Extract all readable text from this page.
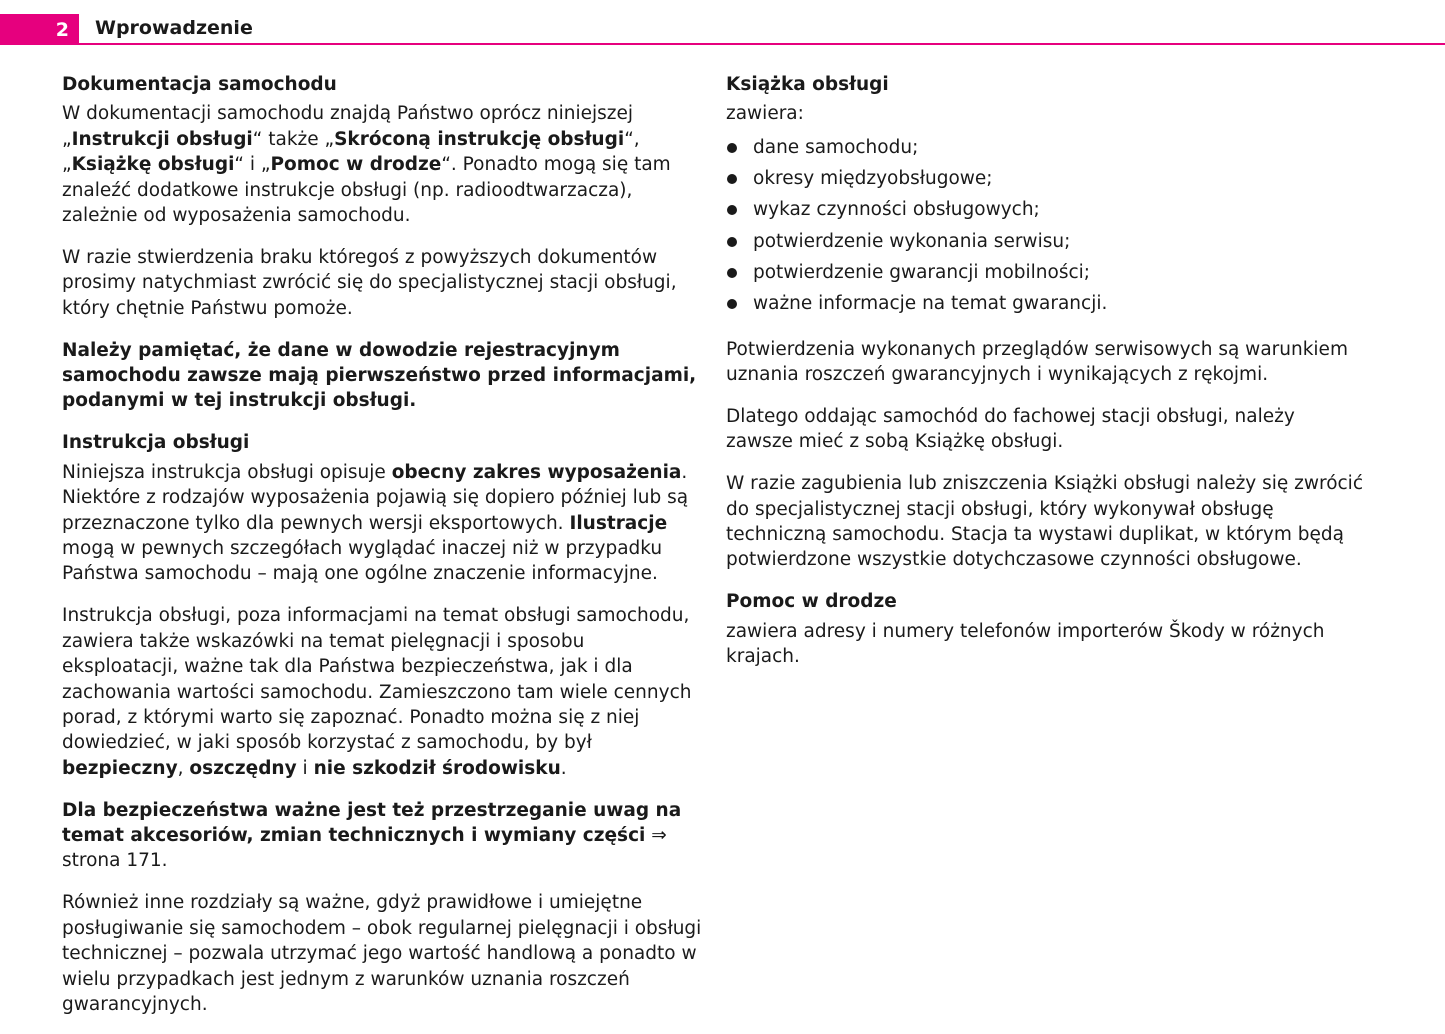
2	Wprowadzenie
Dokumentacja samochodu

W dokumentacji samochodu znajdą Państwo oprócz niniejszej „Instrukcji obsługi“ także „Skróconą instrukcję obsługi“, „Książkę obsługi“ i „Pomoc w drodze“. Ponadto mogą się tam znaleźć dodatkowe instrukcje obsługi (np. radioodtwarzacza), zależnie od wyposażenia samochodu.

W razie stwierdzenia braku któregoś z powyższych dokumentów prosimy natychmiast zwrócić się do specjalistycznej stacji obsługi, który chętnie Państwu pomoże.

Należy pamiętać, że dane w dowodzie rejestracyjnym samochodu zawsze mają pierwszeństwo przed informacjami, podanymi w tej instrukcji obsługi.

Instrukcja obsługi

Niniejsza instrukcja obsługi opisuje obecny zakres wyposażenia. Niektóre z rodzajów wyposażenia pojawią się dopiero później lub są przeznaczone tylko dla pewnych wersji eksportowych. Ilustracje mogą w pewnych szczegółach wyglądać inaczej niż w przypadku Państwa samochodu – mają one ogólne znaczenie informacyjne.

Instrukcja obsługi, poza informacjami na temat obsługi samochodu, zawiera także wskazówki na temat pielęgnacji i sposobu eksploatacji, ważne tak dla Państwa bezpieczeństwa, jak i dla zachowania wartości samochodu. Zamieszczono tam wiele cennych porad, z którymi warto się zapoznać. Ponadto można się z niej dowiedzieć, w jaki sposób korzystać z samochodu, by był bezpieczny, oszczędny i nie szkodził środowisku.

Dla bezpieczeństwa ważne jest też przestrzeganie uwag na temat akcesoriów, zmian technicznych i wymiany części ⇒ strona 171.

Również inne rozdziały są ważne, gdyż prawidłowe i umiejętne posługiwanie się samochodem – obok regularnej pielęgnacji i obsługi technicznej – pozwala utrzymać jego wartość handlową a ponadto w wielu przypadkach jest jednym z warunków uznania roszczeń gwarancyjnych.

Książka obsługi

zawiera:

dane samochodu;
okresy międzyobsługowe;
wykaz czynności obsługowych;
potwierdzenie wykonania serwisu;
potwierdzenie gwarancji mobilności;
ważne informacje na temat gwarancji.

Potwierdzenia wykonanych przeglądów serwisowych są warunkiem uznania roszczeń gwarancyjnych i wynikających z rękojmi.

Dlatego oddając samochód do fachowej stacji obsługi, należy zawsze mieć z sobą Książkę obsługi.

W razie zagubienia lub zniszczenia Książki obsługi należy się zwrócić do specjalistycznej stacji obsługi, który wykonywał obsługę techniczną samochodu. Stacja ta wystawi duplikat, w którym będą potwierdzone wszystkie dotychczasowe czynności obsługowe.

Pomoc w drodze

zawiera adresy i numery telefonów importerów Škody w różnych krajach.
